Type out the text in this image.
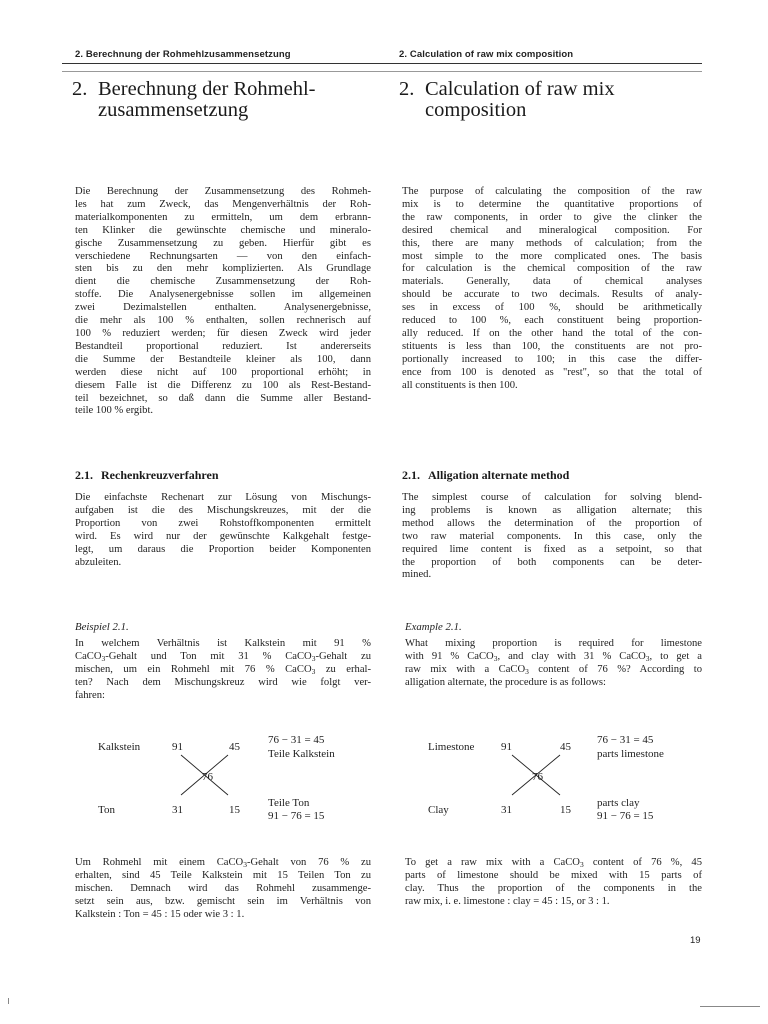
2. Berechnung der Rohmehlzusammensetzung	2. Calculation of raw mix composition
2. Berechnung der Rohmehl-
zusammensetzung
2. Calculation of raw mix
composition
Die Berechnung der Zusammensetzung des Rohmeh-
les hat zum Zweck, das Mengenverhältnis der Roh-
materialkomponenten zu ermitteln, um dem erbrann-
ten Klinker die gewünschte chemische und mineralo-
gische Zusammensetzung zu geben. Hierfür gibt es
verschiedene Rechnungsarten — von den einfach-
sten bis zu den mehr komplizierten. Als Grundlage
dient die chemische Zusammensetzung der Roh-
stoffe. Die Analysenergebnisse sollen im allgemeinen
zwei Dezimalstellen enthalten. Analysenergebnisse,
die mehr als 100 % enthalten, sollen rechnerisch auf
100 % reduziert werden; für diesen Zweck wird jeder
Bestandteil proportional reduziert. Ist andererseits
die Summe der Bestandteile kleiner als 100, dann
werden diese nicht auf 100 proportional erhöht; in
diesem Falle ist die Differenz zu 100 als Rest-Bestand-
teil bezeichnet, so daß dann die Summe aller Bestand-
teile 100 % ergibt.
The purpose of calculating the composition of the raw
mix is to determine the quantitative proportions of
the raw components, in order to give the clinker the
desired chemical and mineralogical composition. For
this, there are many methods of calculation; from the
most simple to the more complicated ones. The basis
for calculation is the chemical composition of the raw
materials. Generally, data of chemical analyses
should be accurate to two decimals. Results of analy-
ses in excess of 100 %, should be arithmetically
reduced to 100 %, each constituent being proportion-
ally reduced. If on the other hand the total of the con-
stituents is less than 100, the constituents are not pro-
portionally increased to 100; in this case the differ-
ence from 100 is denoted as "rest", so that the total of
all constituents is then 100.
2.1. Rechenkreuzverfahren	2.1. Alligation alternate method
Die einfachste Rechenart zur Lösung von Mischungs-
aufgaben ist die des Mischungskreuzes, mit der die
Proportion von zwei Rohstoffkomponenten ermittelt
wird. Es wird nur der gewünschte Kalkgehalt festge-
legt, um daraus die Proportion beider Komponenten
abzuleiten.
The simplest course of calculation for solving blend-
ing problems is known as alligation alternate; this
method allows the determination of the proportion of
two raw material components. In this case, only the
required lime content is fixed as a setpoint, so that
the proportion of both components can be deter-
mined.
Beispiel 2.1.	Example 2.1.
In welchem Verhältnis ist Kalkstein mit 91 %
CaCO$_3$-Gehalt und Ton mit 31 % CaCO$_3$-Gehalt zu
mischen, um ein Rohmehl mit 76 % CaCO$_3$ zu erhal-
ten? Nach dem Mischungskreuz wird wie folgt ver-
fahren:
What mixing proportion is required for limestone
with 91 % CaCO$_3$, and clay with 31 % CaCO$_3$, to get a
raw mix with a CaCO$_3$ content of 76 %? According to
alligation alternate, the procedure is as follows:
Kalkstein	91	45
76
Ton	31	15
76 − 31 = 45
Teile Kalkstein
Teile Ton
91 − 76 = 15
Limestone 91	45
76
Clay	31	15
76 − 31 = 45
parts limestone
parts clay
91 − 76 = 15
Um Rohmehl mit einem CaCO$_3$-Gehalt von 76 % zu
erhalten, sind 45 Teile Kalkstein mit 15 Teilen Ton zu
mischen. Demnach wird das Rohmehl zusammenge-
setzt sein aus, bzw. gemischt sein im Verhältnis von
Kalkstein : Ton = 45 : 15 oder wie 3 : 1.
To get a raw mix with a CaCO$_3$ content of 76 %, 45
parts of limestone should be mixed with 15 parts of
clay. Thus the proportion of the components in the
raw mix, i. e. limestone : clay = 45 : 15, or 3 : 1.
19
